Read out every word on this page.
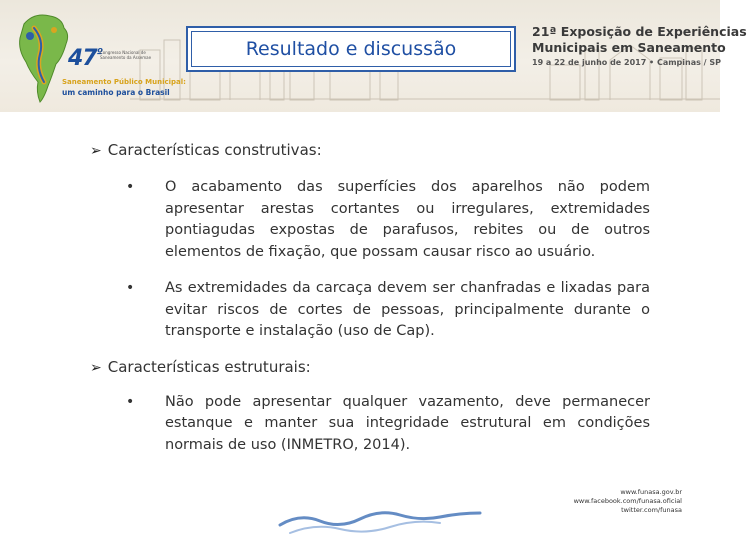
$47^º$
Congresso Nacional de Saneamento da Assemae
Saneamento Público Municipal:
um caminho para o Brasil
Resultado e discussão
21ª Exposição de Experiências
Municipais em Saneamento
19 a 22 de junho de 2017 • Campinas / SP
➢ Características construtivas:
• O acabamento das superfícies dos aparelhos não podem apresentar arestas cortantes ou irregulares, extremidades pontiagudas expostas de parafusos, rebites ou de outros elementos de fixação, que possam causar risco ao usuário.
• As extremidades da carcaça devem ser chanfradas e lixadas para evitar riscos de cortes de pessoas, principalmente durante o transporte e instalação (uso de Cap).
➢ Características estruturais:
• Não pode apresentar qualquer vazamento, deve permanecer estanque e manter sua integridade estrutural em condições normais de uso (INMETRO, 2014).
www.funasa.gov.br
www.facebook.com/funasa.oficial
twitter.com/funasa
